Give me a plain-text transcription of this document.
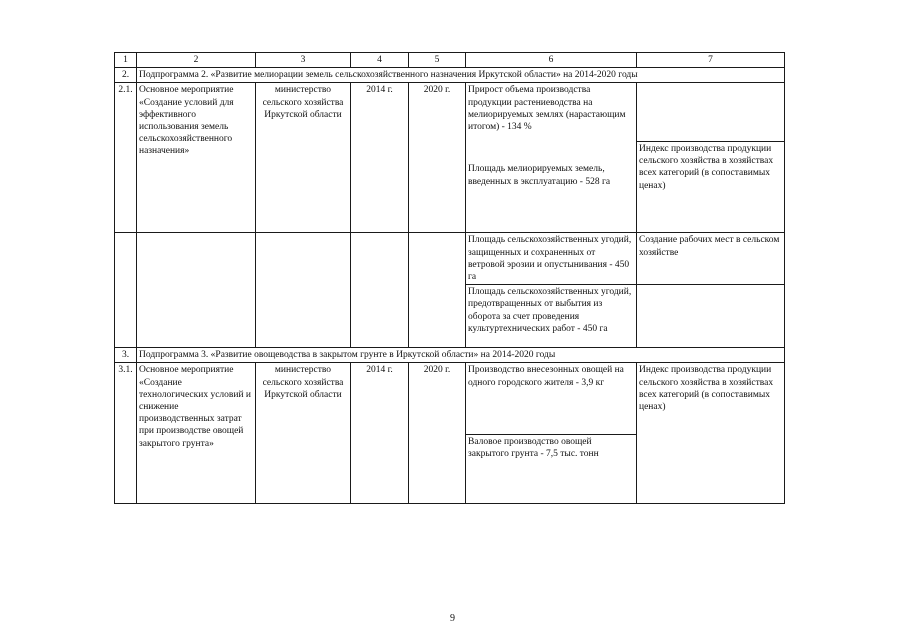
1	2	3	4	5	6	7
2.	Подпрограмма 2. «Развитие мелиорации земель сельскохозяйственного назначения Иркутской области» на 2014-2020 годы					
2.1.	Основное мероприятие «Создание условий для эффективного использования земель сельскохозяйственного назначения»	министерство сельского хозяйства Иркутской области	2014 г.	2020 г.	Прирост объема производства продукции растениеводства на мелиорируемых землях (нарастающим итогом) - 134 %	
					Площадь мелиорируемых земель, введенных в эксплуатацию - 528 га	Индекс производства продукции сельского хозяйства в хозяйствах всех категорий (в сопоставимых ценах)
					Площадь сельскохозяйственных угодий, защищенных и сохраненных от ветровой эрозии и опустынивания - 450 га	Создание рабочих мест в сельском хозяйстве
					Площадь сельскохозяйственных угодий, предотвращенных от выбытия из оборота за счет проведения культуртехнических работ - 450 га	
3.	Подпрограмма 3. «Развитие овощеводства в закрытом грунте в Иркутской области» на 2014-2020 годы					
3.1.	Основное мероприятие «Создание технологических условий и снижение производственных затрат при производстве овощей закрытого грунта»	министерство сельского хозяйства Иркутской области	2014 г.	2020 г.	Производство внесезонных овощей на одного городского жителя - 3,9 кг	Индекс производства продукции сельского хозяйства в хозяйствах всех категорий (в сопоставимых ценах)
					Валовое производство овощей закрытого грунта - 7,5 тыс. тонн	
9
